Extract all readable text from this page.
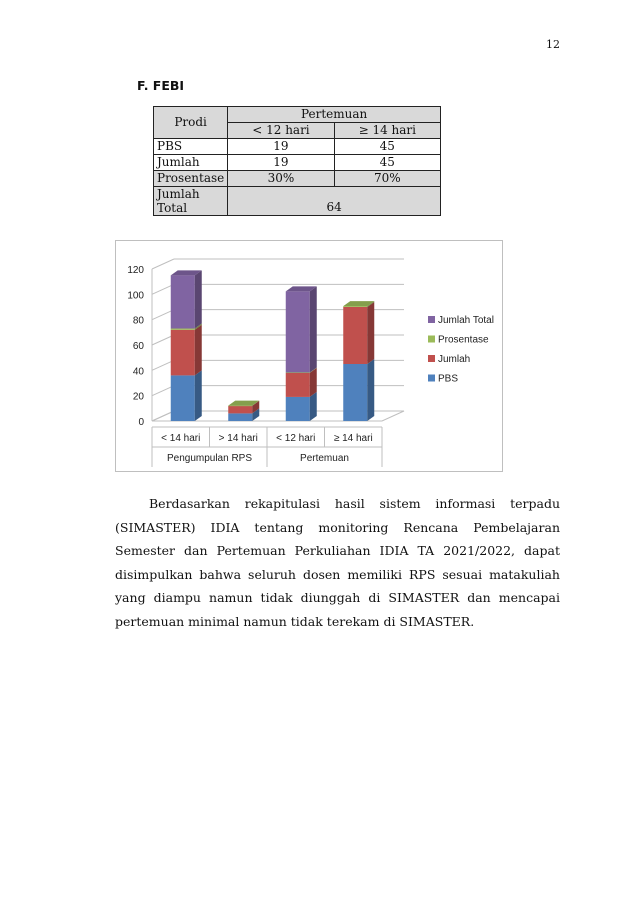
12
F. FEBI
Prodi	Pertemuan	
	< 12 hari	≥ 14 hari
PBS	19	45
Jumlah	19	45
Prosentase	30%	70%
Jumlah
Total	64	
0
20
40
60
80
100
120
< 14 hari > 14 hari < 12 hari ≥ 14 hari
Pengumpulan RPS	Pertemuan
Jumlah Total
Prosentase
Jumlah
PBS
Berdasarkan rekapitulasi hasil sistem informasi terpadu (SIMASTER) IDIA tentang monitoring Rencana Pembelajaran Semester dan Pertemuan Perkuliahan IDIA TA 2021/2022, dapat disimpulkan bahwa seluruh dosen memiliki RPS sesuai matakuliah yang diampu namun tidak diunggah di SIMASTER dan mencapai pertemuan minimal namun tidak terekam di SIMASTER.
